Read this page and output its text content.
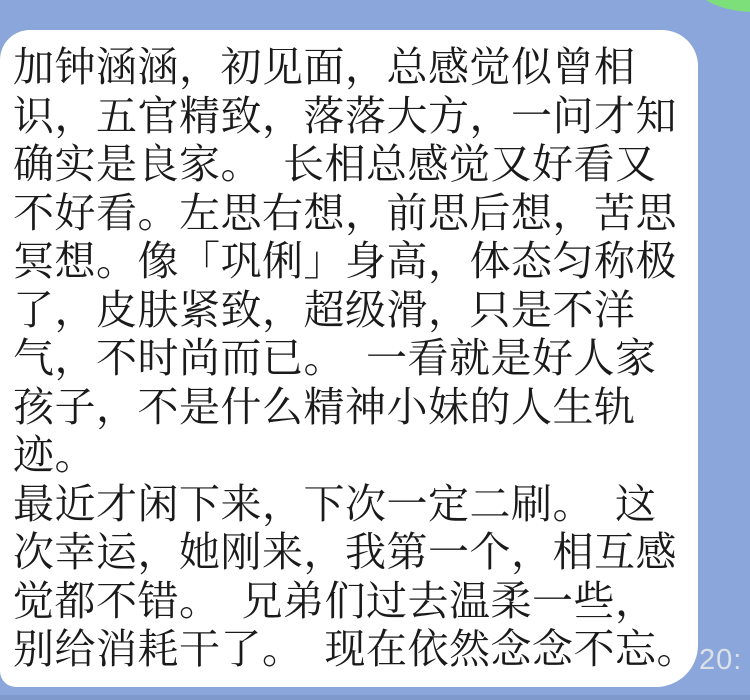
加钟涵涵，初见面，总感觉似曾相
识，五官精致，落落大方，一问才知
确实是良家。　长相总感觉又好看又
不好看。左思右想，前思后想，苦思
冥想。像「巩俐」身高，体态匀称极
了，皮肤紧致，超级滑，只是不洋
气，不时尚而已。　一看就是好人家
孩子，不是什么精神小妹的人生轨
迹。
最近才闲下来，下次一定二刷。　这
次幸运，她刚来，我第一个，相互感
觉都不错。　兄弟们过去温柔一些，
别给消耗干了。　现在依然念念不忘。 20:
